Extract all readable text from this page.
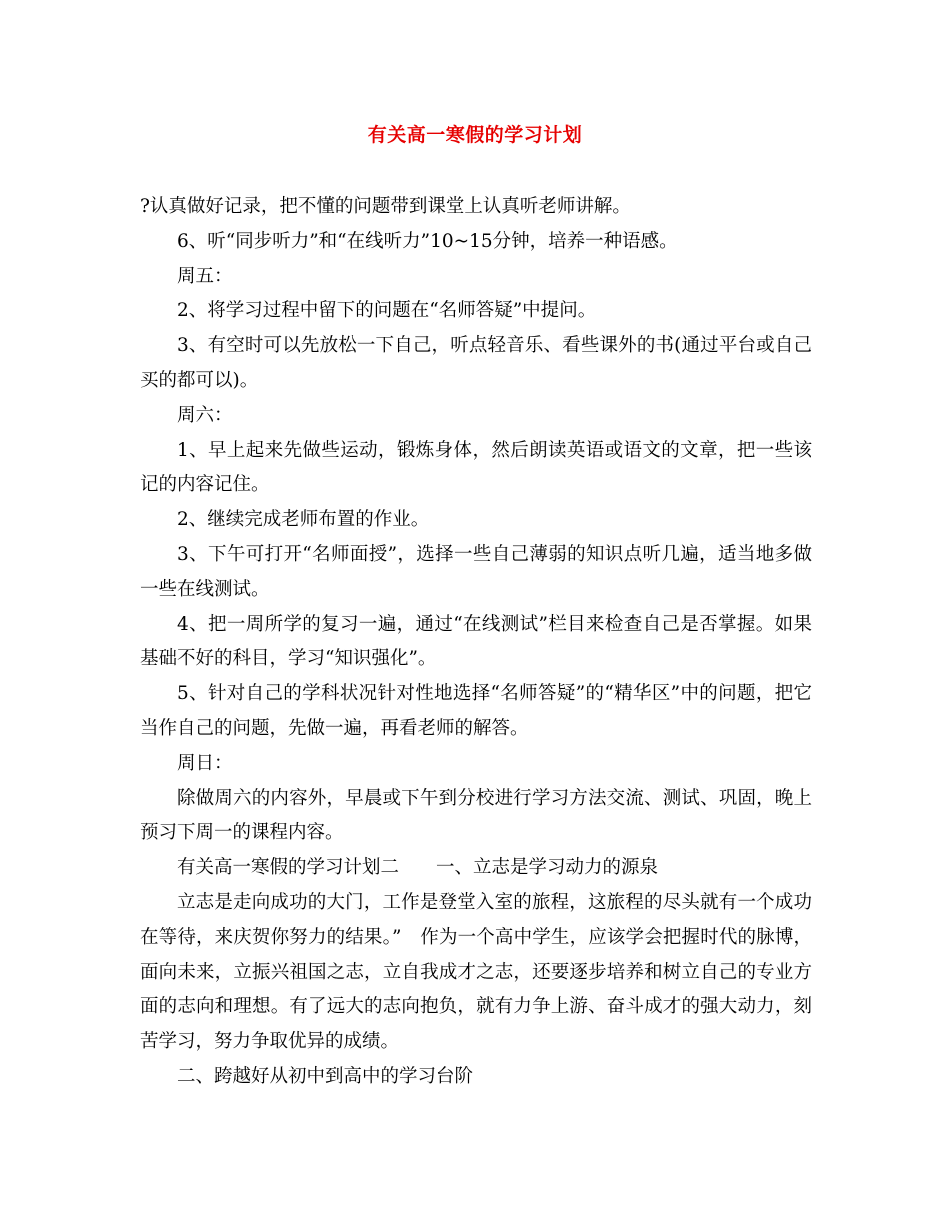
有关高一寒假的学习计划

?认真做好记录，把不懂的问题带到课堂上认真听老师讲解。

6、听“同步听力”和“在线听力”10~15分钟，培养一种语感。

周五：

2、将学习过程中留下的问题在“名师答疑”中提问。

3、有空时可以先放松一下自己，听点轻音乐、看些课外的书(通过平台或自己买的都可以)。

周六：

1、早上起来先做些运动，锻炼身体，然后朗读英语或语文的文章，把一些该记的内容记住。

2、继续完成老师布置的作业。

3、下午可打开“名师面授”，选择一些自己薄弱的知识点听几遍，适当地多做一些在线测试。

4、把一周所学的复习一遍，通过“在线测试”栏目来检查自己是否掌握。如果基础不好的科目，学习“知识强化”。

5、针对自己的学科状况针对性地选择“名师答疑”的“精华区”中的问题，把它当作自己的问题，先做一遍，再看老师的解答。

周日：

除做周六的内容外，早晨或下午到分校进行学习方法交流、测试、巩固，晚上预习下周一的课程内容。

有关高一寒假的学习计划二　　一、立志是学习动力的源泉

立志是走向成功的大门，工作是登堂入室的旅程，这旅程的尽头就有一个成功在等待，来庆贺你努力的结果。”　作为一个高中学生，应该学会把握时代的脉博，面向未来，立振兴祖国之志，立自我成才之志，还要逐步培养和树立自己的专业方面的志向和理想。有了远大的志向抱负，就有力争上游、奋斗成才的强大动力，刻苦学习，努力争取优异的成绩。

二、跨越好从初中到高中的学习台阶
